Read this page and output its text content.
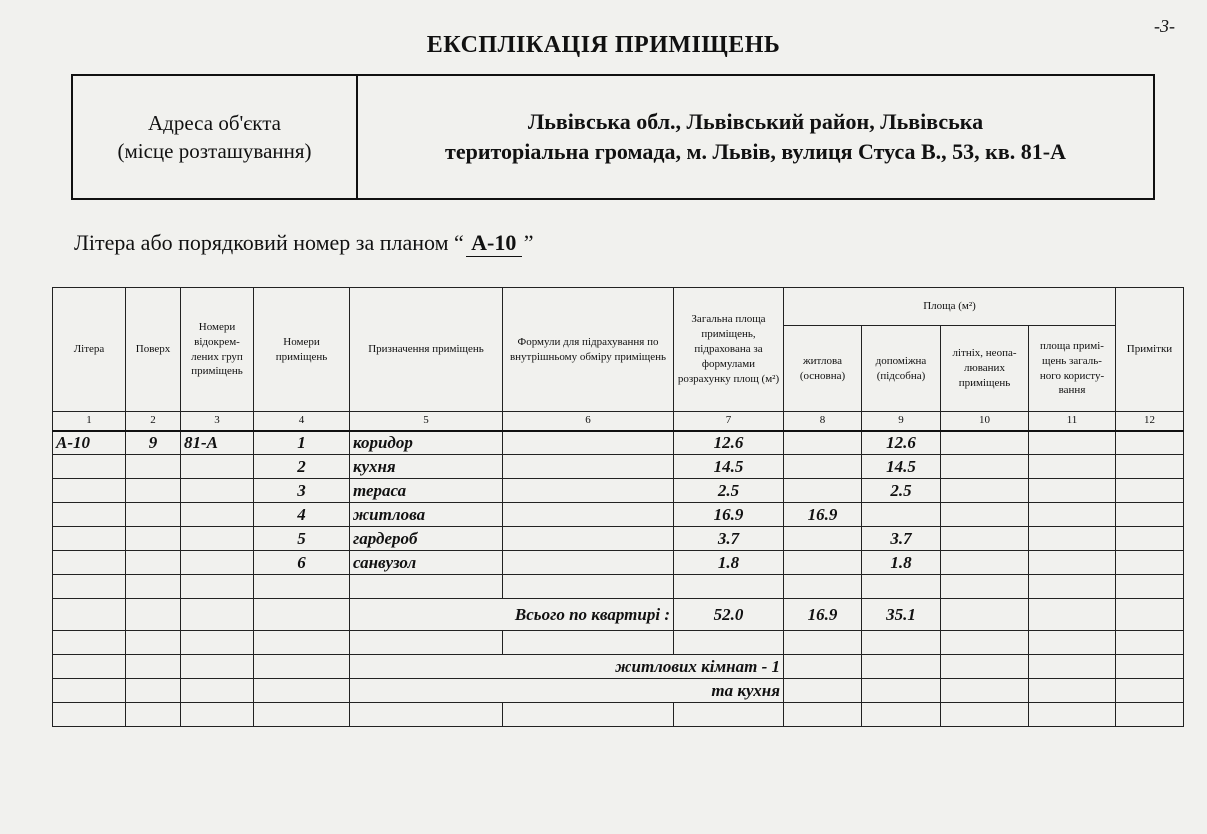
-3-
ЕКСПЛІКАЦІЯ ПРИМІЩЕНЬ
Адреса об'єкта
(місце розташування)
Львівська обл., Львівський район, Львівська
територіальна громада, м. Львів, вулиця Стуса В., 53, кв. 81-А
Літера або порядковий номер за планом “ А-10 ”
Літера	Поверх	Номери відокрем-лених груп приміщень	Номери приміщень	Призначення приміщень	Формули для підрахування по внутрішньому обміру приміщень	Загальна площа приміщень, підрахована за формулами розрахунку площ (м²)	Площа (м²)				Примітки
							житлова (основна)	допоміжна (підсобна)	літніх, неопа-люваних приміщень	площа примі-щень загаль-ного користу-вання	
1	2	3	4	5	6	7	8	9	10	11	12
А-10	9	81-А	1	коридор		12.6		12.6			
			2	кухня		14.5		14.5			
			3	тераса		2.5		2.5			
			4	житлова		16.9	16.9				
			5	гардероб		3.7		3.7			
			6	санвузол		1.8		1.8			

				Всього по квартирі :		52.0	16.9	35.1			

				житлових кімнат - 1							
				та кухня							
